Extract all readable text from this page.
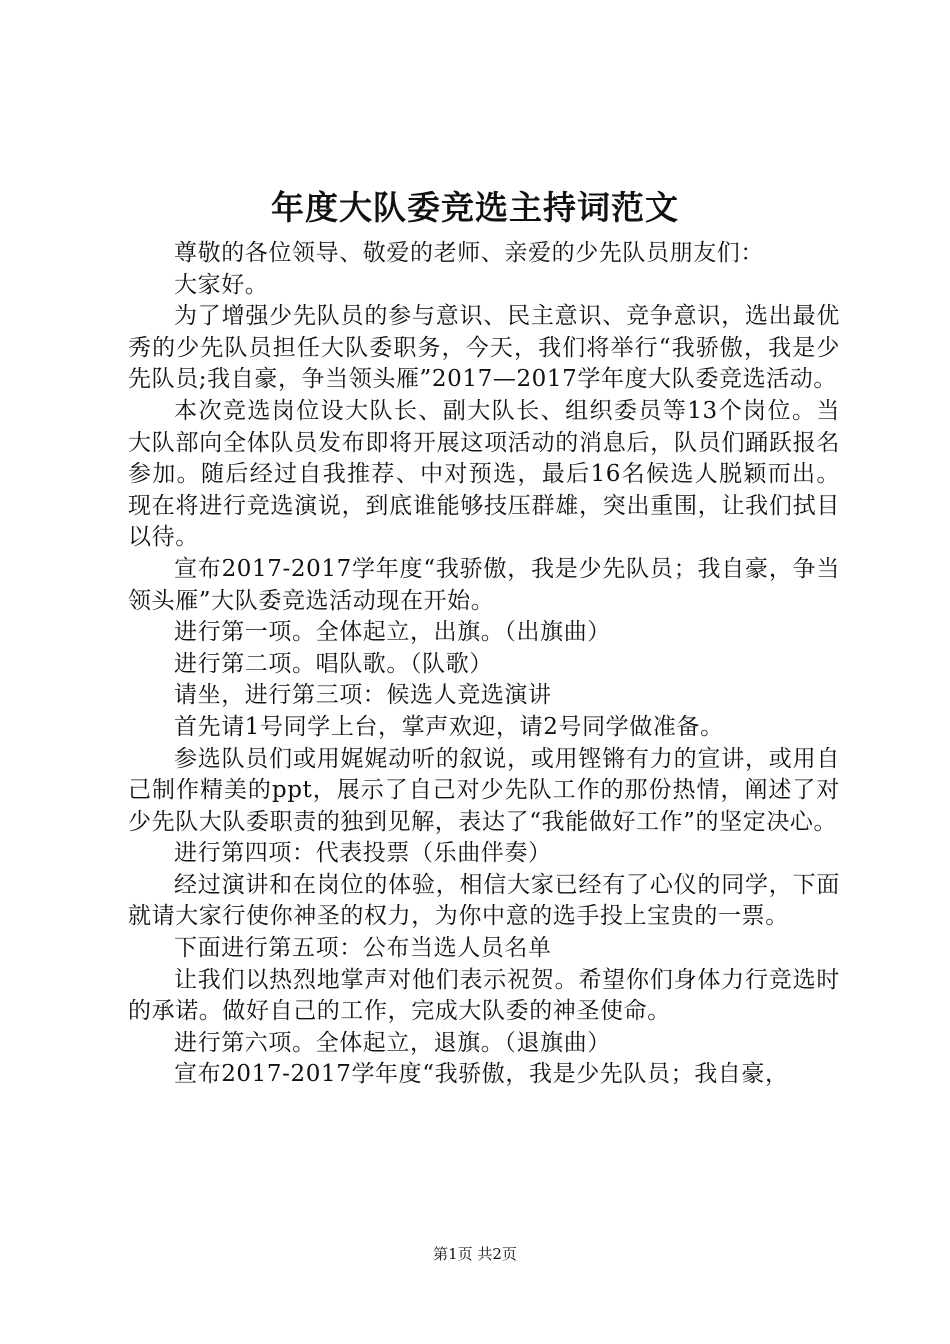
年度大队委竞选主持词范文

尊敬的各位领导、敬爱的老师、亲爱的少先队员朋友们：

大家好。

为了增强少先队员的参与意识、民主意识、竞争意识，选出最优秀的少先队员担任大队委职务，今天，我们将举行“我骄傲，我是少先队员;我自豪，争当领头雁”2017—2017学年度大队委竞选活动。

本次竞选岗位设大队长、副大队长、组织委员等13个岗位。当大队部向全体队员发布即将开展这项活动的消息后，队员们踊跃报名参加。随后经过自我推荐、中对预选，最后16名候选人脱颖而出。现在将进行竞选演说，到底谁能够技压群雄，突出重围，让我们拭目以待。

宣布2017-2017学年度“我骄傲，我是少先队员；我自豪，争当领头雁”大队委竞选活动现在开始。

进行第一项。全体起立，出旗。（出旗曲）

进行第二项。唱队歌。（队歌）

请坐，进行第三项：候选人竞选演讲

首先请1号同学上台，掌声欢迎，请2号同学做准备。

参选队员们或用娓娓动听的叙说，或用铿锵有力的宣讲，或用自己制作精美的ppt，展示了自己对少先队工作的那份热情，阐述了对少先队大队委职责的独到见解，表达了“我能做好工作”的坚定决心。

进行第四项：代表投票（乐曲伴奏）

经过演讲和在岗位的体验，相信大家已经有了心仪的同学，下面就请大家行使你神圣的权力，为你中意的选手投上宝贵的一票。

下面进行第五项：公布当选人员名单

让我们以热烈地掌声对他们表示祝贺。希望你们身体力行竞选时的承诺。做好自己的工作，完成大队委的神圣使命。

进行第六项。全体起立，退旗。（退旗曲）

宣布2017-2017学年度“我骄傲，我是少先队员；我自豪，

第1页 共2页
